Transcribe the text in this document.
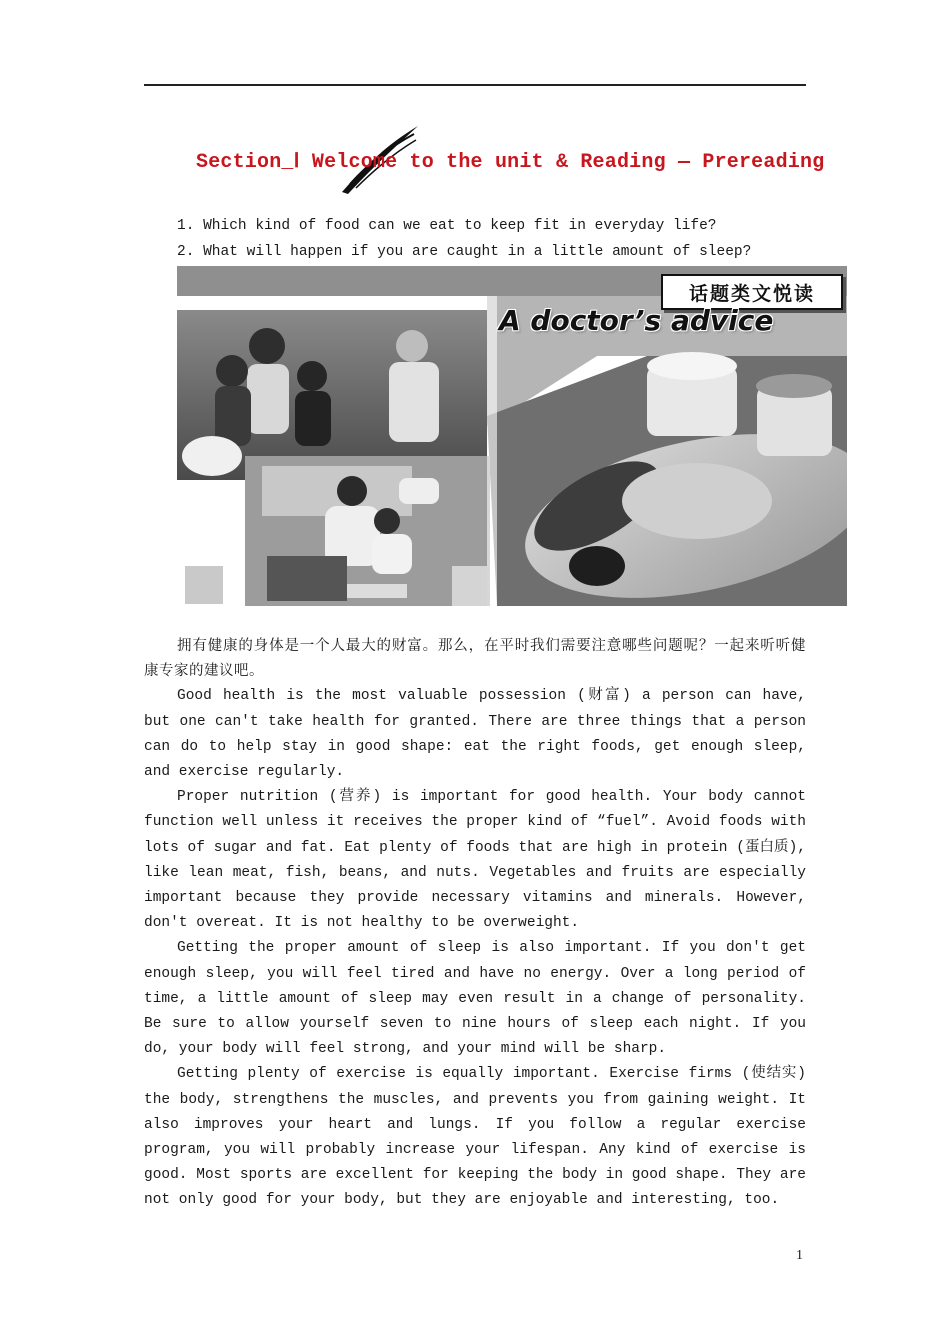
Section_Ⅰ Welcome to the unit & Reading — Prereading
1. Which kind of food can we eat to keep fit in everyday life?
2. What will happen if you are caught in a little amount of sleep?
话题类文悦读
A doctor’s advice

拥有健康的身体是一个人最大的财富。那么，在平时我们需要注意哪些问题呢？一起来听听健康专家的建议吧。

Good health is the most valuable possession (财富) a person can have, but one can't take health for granted. There are three things that a person can do to help stay in good shape: eat the right foods, get enough sleep, and exercise regularly.

Proper nutrition (营养) is important for good health. Your body cannot function well unless it receives the proper kind of “fuel”. Avoid foods with lots of sugar and fat. Eat plenty of foods that are high in protein (蛋白质), like lean meat, fish, beans, and nuts. Vegetables and fruits are especially important because they provide necessary vitamins and minerals. However, don't overeat. It is not healthy to be overweight.

Getting the proper amount of sleep is also important. If you don't get enough sleep, you will feel tired and have no energy. Over a long period of time, a little amount of sleep may even result in a change of personality. Be sure to allow yourself seven to nine hours of sleep each night. If you do, your body will feel strong, and your mind will be sharp.

Getting plenty of exercise is equally important. Exercise firms (使结实) the body, strengthens the muscles, and prevents you from gaining weight. It also improves your heart and lungs. If you follow a regular exercise program, you will probably increase your lifespan. Any kind of exercise is good. Most sports are excellent for keeping the body in good shape. They are not only good for your body, but they are enjoyable and interesting, too.

1
